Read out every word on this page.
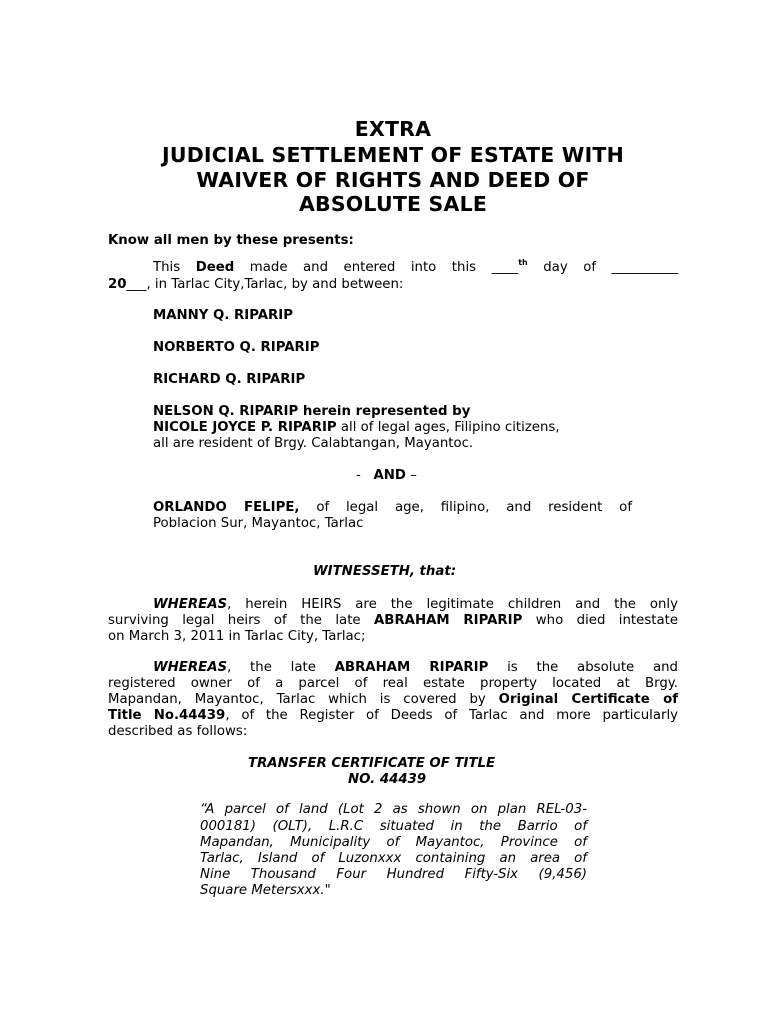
EXTRA
JUDICIAL SETTLEMENT OF ESTATE WITH
WAIVER OF RIGHTS AND DEED OF
ABSOLUTE SALE
Know all men by these presents:
This Deed made and entered into this ____$^{th}$ day of __________
20___, in Tarlac City,Tarlac, by and between:
MANNY Q. RIPARIP
NORBERTO Q. RIPARIP
RICHARD Q. RIPARIP
NELSON Q. RIPARIP herein represented by
NICOLE JOYCE P. RIPARIP all of legal ages, Filipino citizens,
all are resident of Brgy. Calabtangan, Mayantoc.
- AND –
ORLANDO FELIPE, of legal age, filipino, and resident of
Poblacion Sur, Mayantoc, Tarlac
WITNESSETH, that:
WHEREAS, herein HEIRS are the legitimate children and the only
surviving legal heirs of the late ABRAHAM RIPARIP who died intestate
on March 3, 2011 in Tarlac City, Tarlac;
WHEREAS, the late ABRAHAM RIPARIP is the absolute and
registered owner of a parcel of real estate property located at Brgy.
Mapandan, Mayantoc, Tarlac which is covered by Original Certificate of
Title No.44439, of the Register of Deeds of Tarlac and more particularly
described as follows:
TRANSFER CERTIFICATE OF TITLE
NO. 44439
“A parcel of land (Lot 2 as shown on plan REL-03-
000181) (OLT), L.R.C situated in the Barrio of
Mapandan, Municipality of Mayantoc, Province of
Tarlac, Island of Luzonxxx containing an area of
Nine Thousand Four Hundred Fifty-Six (9,456)
Square Metersxxx."
